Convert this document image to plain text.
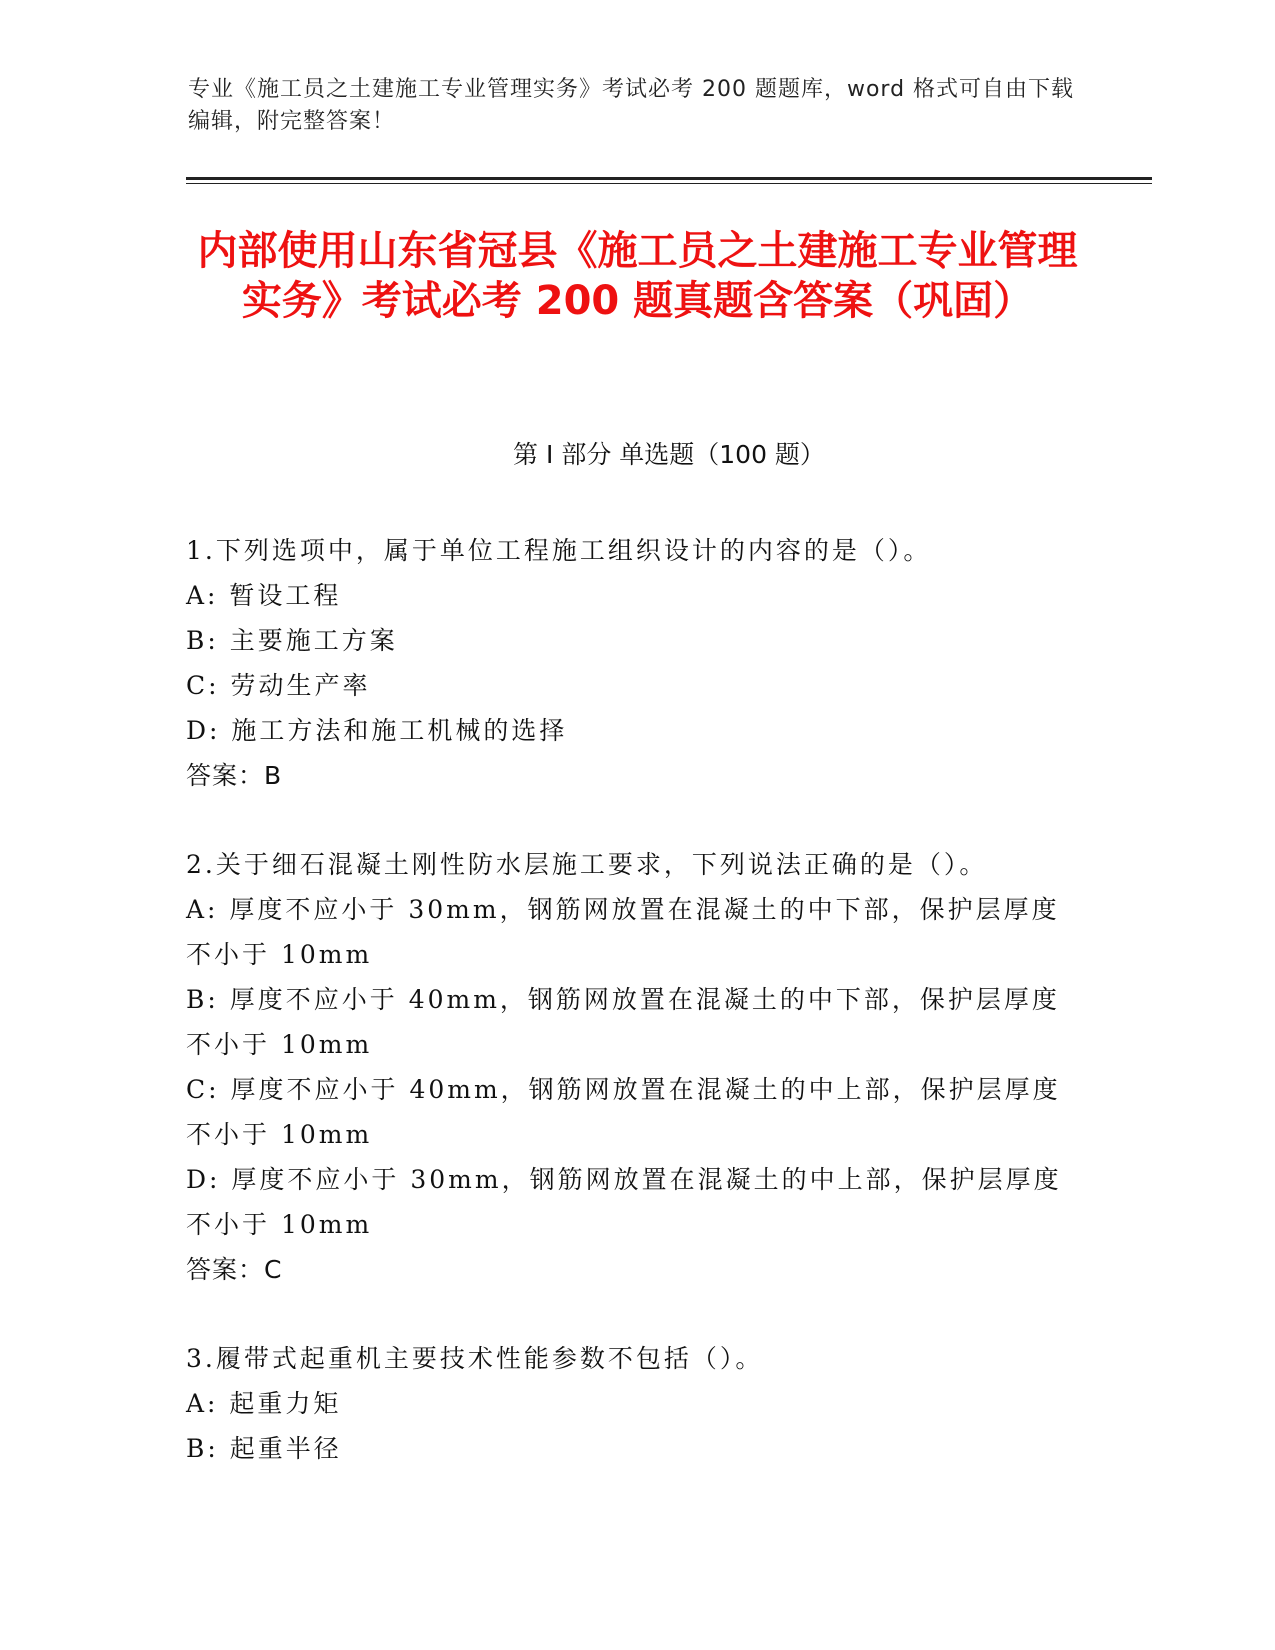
专业《施工员之土建施工专业管理实务》考试必考 200 题题库，word 格式可自由下载编辑，附完整答案！
内部使用山东省冠县《施工员之土建施工专业管理实务》考试必考 200 题真题含答案（巩固）
第 I 部分 单选题（100 题）
1.下列选项中，属于单位工程施工组织设计的内容的是（）。
A: 暂设工程
B: 主要施工方案
C: 劳动生产率
D: 施工方法和施工机械的选择
答案：B
2.关于细石混凝土刚性防水层施工要求，下列说法正确的是（）。
A: 厚度不应小于 30mm，钢筋网放置在混凝土的中下部，保护层厚度不小于 10mm
B: 厚度不应小于 40mm，钢筋网放置在混凝土的中下部，保护层厚度不小于 10mm
C: 厚度不应小于 40mm，钢筋网放置在混凝土的中上部，保护层厚度不小于 10mm
D: 厚度不应小于 30mm，钢筋网放置在混凝土的中上部，保护层厚度不小于 10mm
答案：C
3.履带式起重机主要技术性能参数不包括（）。
A: 起重力矩
B: 起重半径
